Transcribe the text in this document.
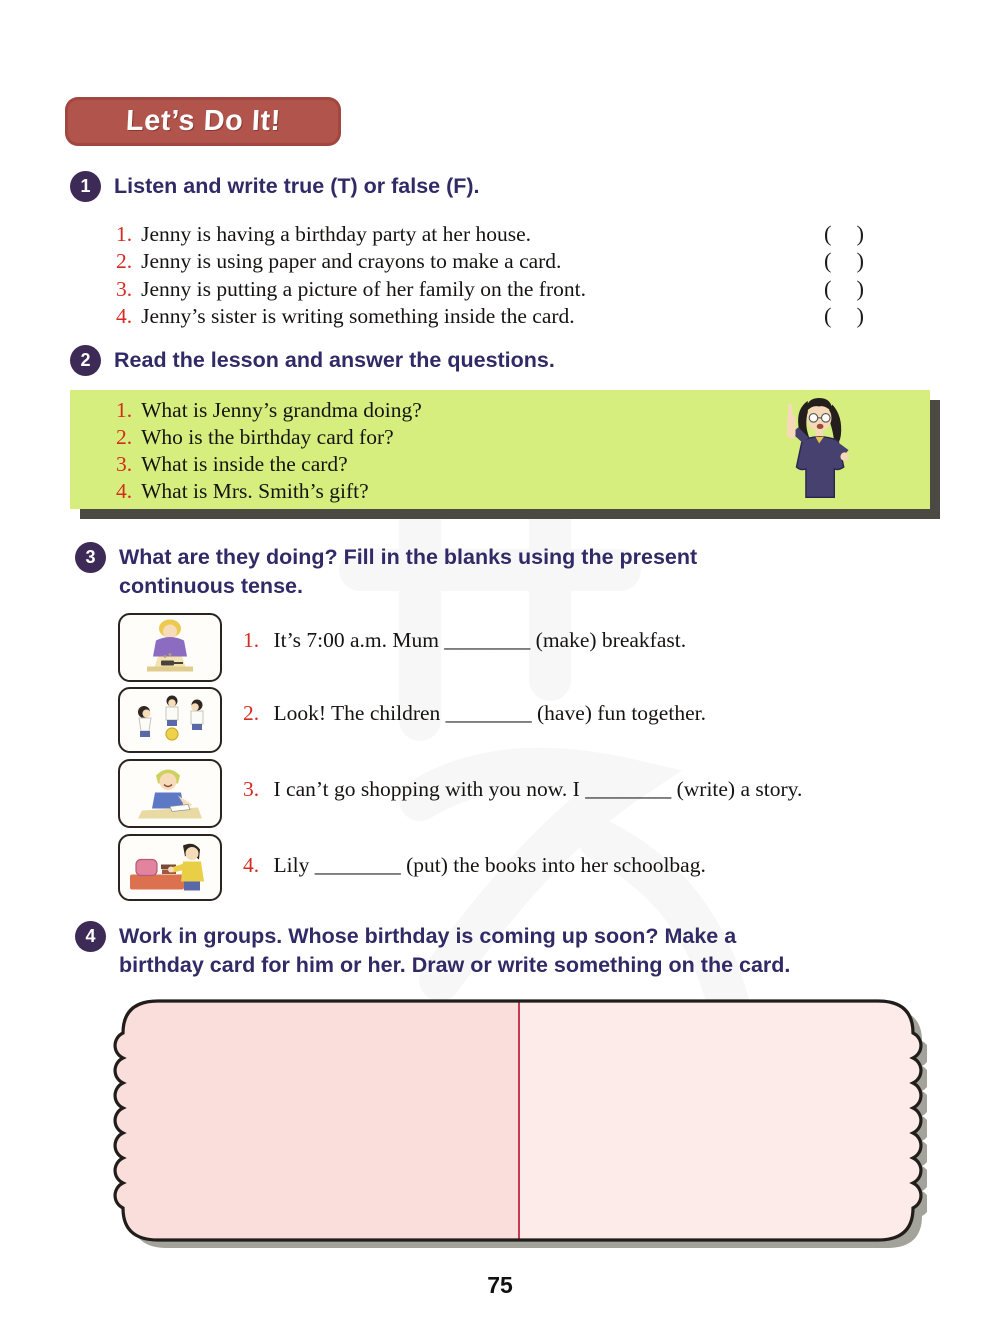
Let’s Do It!
1	Listen and write true (T) or false (F).
1. Jenny is having a birthday party at her house.	( )
2. Jenny is using paper and crayons to make a card.	( )
3. Jenny is putting a picture of her family on the front.	( )
4. Jenny’s sister is writing something inside the card.	( )
2	Read the lesson and answer the questions.
1. What is Jenny’s grandma doing?
2. Who is the birthday card for?
3. What is inside the card?
4. What is Mrs. Smith’s gift?
3	What are they doing? Fill in the blanks using the present
continuous tense.
1. It’s 7:00 a.m. Mum ________ (make) breakfast.
2. Look! The children ________ (have) fun together.
3. I can’t go shopping with you now. I ________ (write) a story.
4. Lily ________ (put) the books into her schoolbag.
4	Work in groups. Whose birthday is coming up soon? Make a
birthday card for him or her. Draw or write something on the card.
75
